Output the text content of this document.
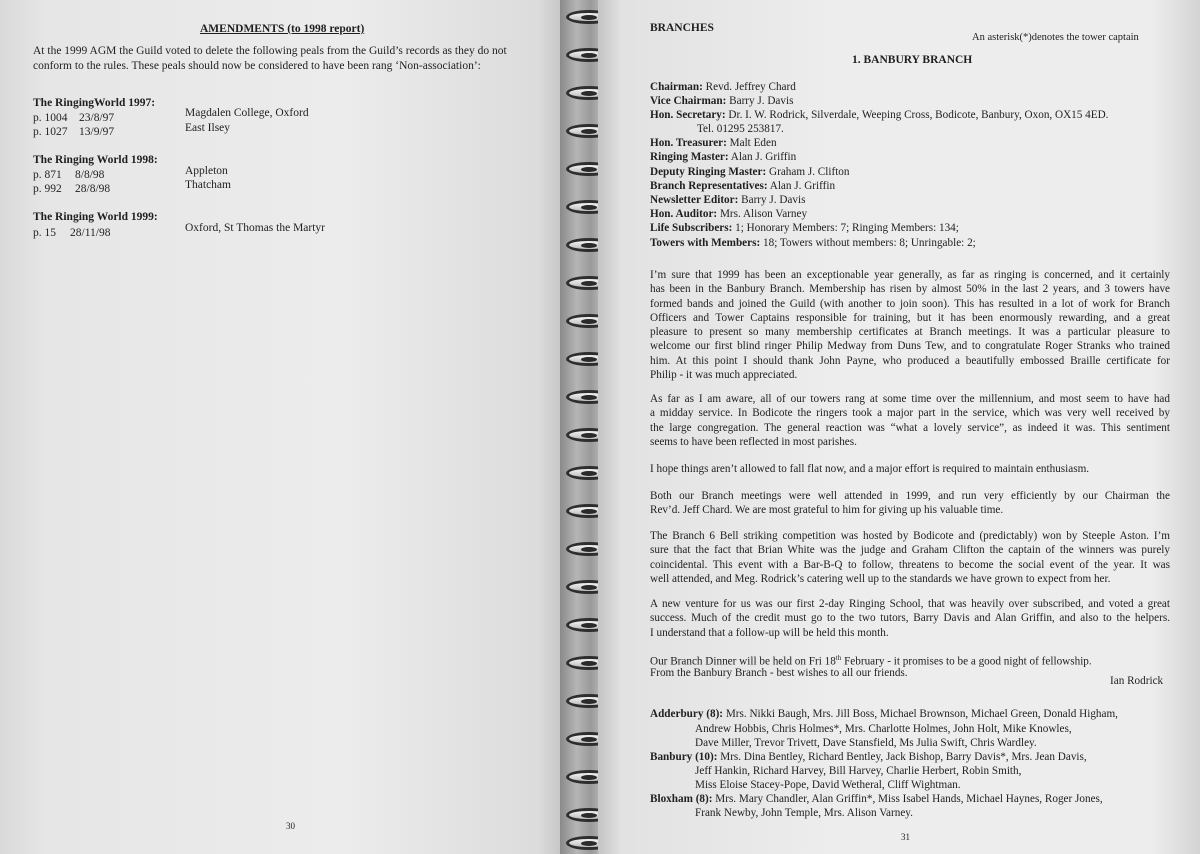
AMENDMENTS (to 1998 report)
At the 1999 AGM the Guild voted to delete the following peals from the Guild’s records as they do not
conform to the rules. These peals should now be considered to have been rang ‘Non-association’:
The RingingWorld 1997:
p. 1004 23/8/97	Magdalen College, Oxford
p. 1027 13/9/97	East Ilsey
The Ringing World 1998:
p. 871 8/8/98	Appleton
p. 992 28/8/98	Thatcham
The Ringing World 1999:
p. 15 28/11/98	Oxford, St Thomas the Martyr
30
BRANCHES
An asterisk(*)denotes the tower captain
1. BANBURY BRANCH
Chairman: Revd. Jeffrey Chard
Vice Chairman: Barry J. Davis
Hon. Secretary: Dr. I. W. Rodrick, Silverdale, Weeping Cross, Bodicote, Banbury, Oxon, OX15 4ED.
Tel. 01295 253817.
Hon. Treasurer: Malt Eden
Ringing Master: Alan J. Griffin
Deputy Ringing Master: Graham J. Clifton
Branch Representatives: Alan J. Griffin
Newsletter Editor: Barry J. Davis
Hon. Auditor: Mrs. Alison Varney
Life Subscribers: 1; Honorary Members: 7; Ringing Members: 134;
Towers with Members: 18; Towers without members: 8; Unringable: 2;
I’m sure that 1999 has been an exceptionable year generally, as far as ringing is concerned, and it certainly
has been in the Banbury Branch. Membership has risen by almost 50% in the last 2 years, and 3 towers have
formed bands and joined the Guild (with another to join soon). This has resulted in a lot of work for Branch
Officers and Tower Captains responsible for training, but it has been enormously rewarding, and a great
pleasure to present so many membership certificates at Branch meetings. It was a particular pleasure to
welcome our first blind ringer Philip Medway from Duns Tew, and to congratulate Roger Stranks who trained
him. At this point I should thank John Payne, who produced a beautifully embossed Braille certificate for
Philip - it was much appreciated.
As far as I am aware, all of our towers rang at some time over the millennium, and most seem to have had
a midday service. In Bodicote the ringers took a major part in the service, which was very well received by
the large congregation. The general reaction was “what a lovely service”, as indeed it was. This sentiment
seems to have been reflected in most parishes.
I hope things aren’t allowed to fall flat now, and a major effort is required to maintain enthusiasm.
Both our Branch meetings were well attended in 1999, and run very efficiently by our Chairman the
Rev’d. Jeff Chard. We are most grateful to him for giving up his valuable time.
The Branch 6 Bell striking competition was hosted by Bodicote and (predictably) won by Steeple Aston. I’m
sure that the fact that Brian White was the judge and Graham Clifton the captain of the winners was purely
coincidental. This event with a Bar-B-Q to follow, threatens to become the social event of the year. It was
well attended, and Meg. Rodrick’s catering well up to the standards we have grown to expect from her.
A new venture for us was our first 2-day Ringing School, that was heavily over subscribed, and voted a great
success. Much of the credit must go to the two tutors, Barry Davis and Alan Griffin, and also to the helpers.
I understand that a follow-up will be held this month.
Our Branch Dinner will be held on Fri 18th February - it promises to be a good night of fellowship.
From the Banbury Branch - best wishes to all our friends.
Ian Rodrick
Adderbury (8): Mrs. Nikki Baugh, Mrs. Jill Boss, Michael Brownson, Michael Green, Donald Higham,
Andrew Hobbis, Chris Holmes*, Mrs. Charlotte Holmes, John Holt, Mike Knowles,
Dave Miller, Trevor Trivett, Dave Stansfield, Ms Julia Swift, Chris Wardley.
Banbury (10): Mrs. Dina Bentley, Richard Bentley, Jack Bishop, Barry Davis*, Mrs. Jean Davis,
Jeff Hankin, Richard Harvey, Bill Harvey, Charlie Herbert, Robin Smith,
Miss Eloise Stacey-Pope, David Wetheral, Cliff Wightman.
Bloxham (8): Mrs. Mary Chandler, Alan Griffin*, Miss Isabel Hands, Michael Haynes, Roger Jones,
Frank Newby, John Temple, Mrs. Alison Varney.
31
